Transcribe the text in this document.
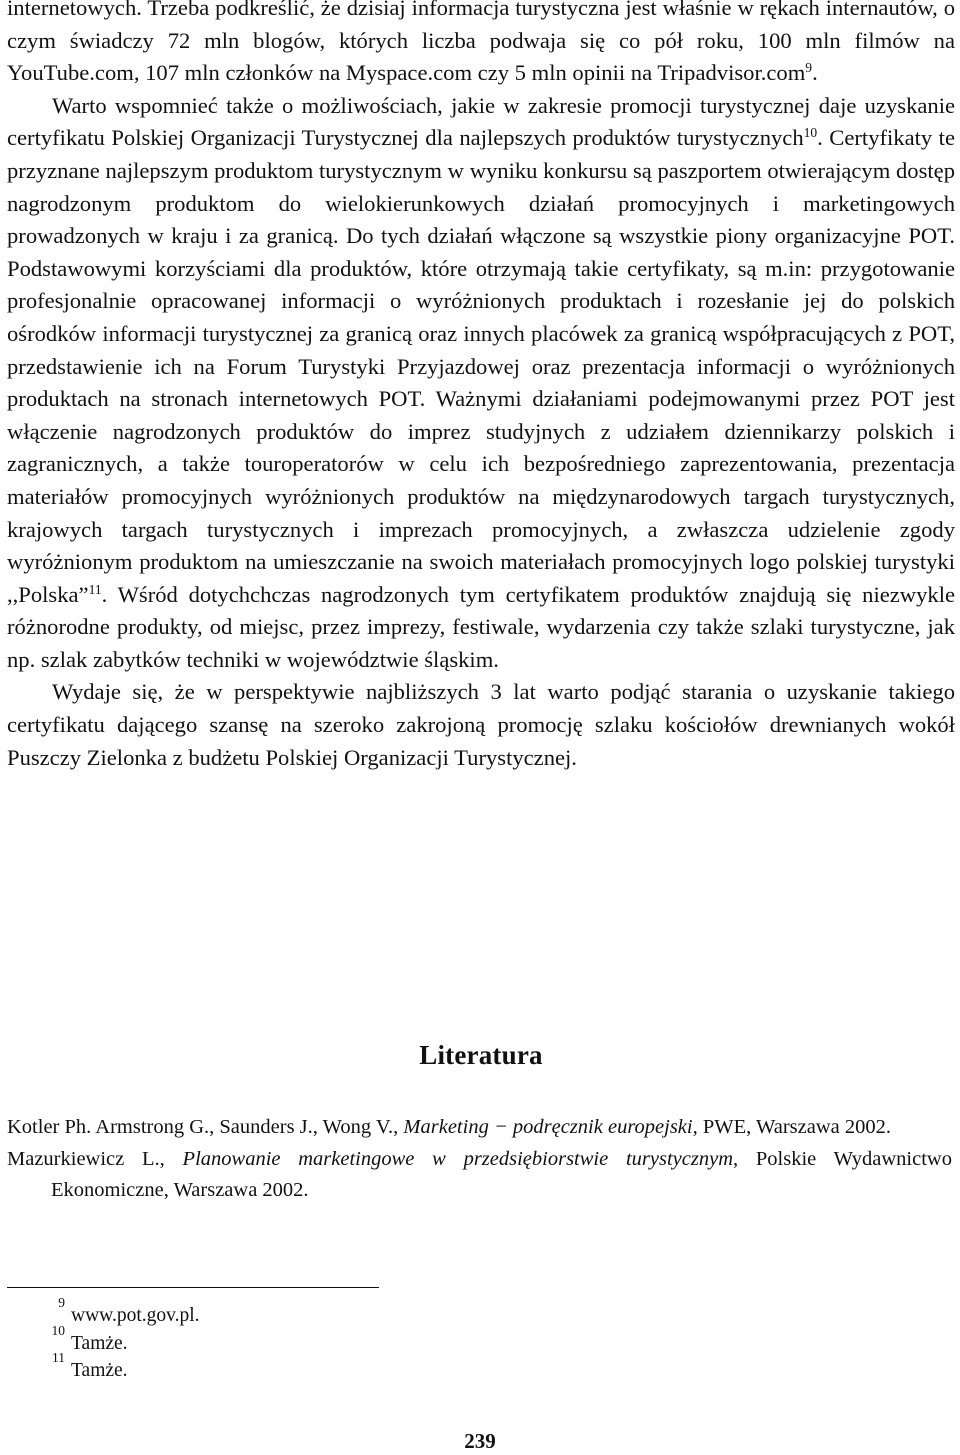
internetowych. Trzeba podkreślić, że dzisiaj informacja turystyczna jest właśnie w rękach internautów, o czym świadczy 72 mln blogów, których liczba podwaja się co pół roku, 100 mln filmów na YouTube.com, 107 mln członków na Myspace.com czy 5 mln opinii na Tripadvisor.com$^9$.

Warto wspomnieć także o możliwościach, jakie w zakresie promocji turystycznej daje uzyskanie certyfikatu Polskiej Organizacji Turystycznej dla najlepszych produktów turystycznych$^{10}$. Certyfikaty te przyznane najlepszym produktom turystycznym w wyniku konkursu są paszportem otwierającym dostęp nagrodzonym produktom do wielokierunkowych działań promocyjnych i marketingowych prowadzonych w kraju i za granicą. Do tych działań włączone są wszystkie piony organizacyjne POT. Podstawowymi korzyściami dla produktów, które otrzymają takie certyfikaty, są m.in: przygotowanie profesjonalnie opracowanej informacji o wyróżnionych produktach i rozesłanie jej do polskich ośrodków informacji turystycznej za granicą oraz innych placówek za granicą współpracujących z POT, przedstawienie ich na Forum Turystyki Przyjazdowej oraz prezentacja informacji o wyróżnionych produktach na stronach internetowych POT. Ważnymi działaniami podejmowanymi przez POT jest włączenie nagrodzonych produktów do imprez studyjnych z udziałem dziennikarzy polskich i zagranicznych, a także touroperatorów w celu ich bezpośredniego zaprezentowania, prezentacja materiałów promocyjnych wyróżnionych produktów na międzynarodowych targach turystycznych, krajowych targach turystycznych i imprezach promocyjnych, a zwłaszcza udzielenie zgody wyróżnionym produktom na umieszczanie na swoich materiałach promocyjnych logo polskiej turystyki ,,Polska”$^{11}$. Wśród dotychchczas nagrodzonych tym certyfikatem produktów znajdują się niezwykle różnorodne produkty, od miejsc, przez imprezy, festiwale, wydarzenia czy także szlaki turystyczne, jak np. szlak zabytków techniki w województwie śląskim.

Wydaje się, że w perspektywie najbliższych 3 lat warto podjąć starania o uzyskanie takiego certyfikatu dającego szansę na szeroko zakrojoną promocję szlaku kościołów drewnianych wokół Puszczy Zielonka z budżetu Polskiej Organizacji Turystycznej.

Literatura

Kotler Ph. Armstrong G., Saunders J., Wong V., Marketing − podręcznik europejski, PWE, Warszawa 2002.

Mazurkiewicz L., Planowanie marketingowe w przedsiębiorstwie turystycznym, Polskie Wydawnictwo Ekonomiczne, Warszawa 2002.

9
www.pot.gov.pl.

10
Tamże.

11
Tamże.

239
